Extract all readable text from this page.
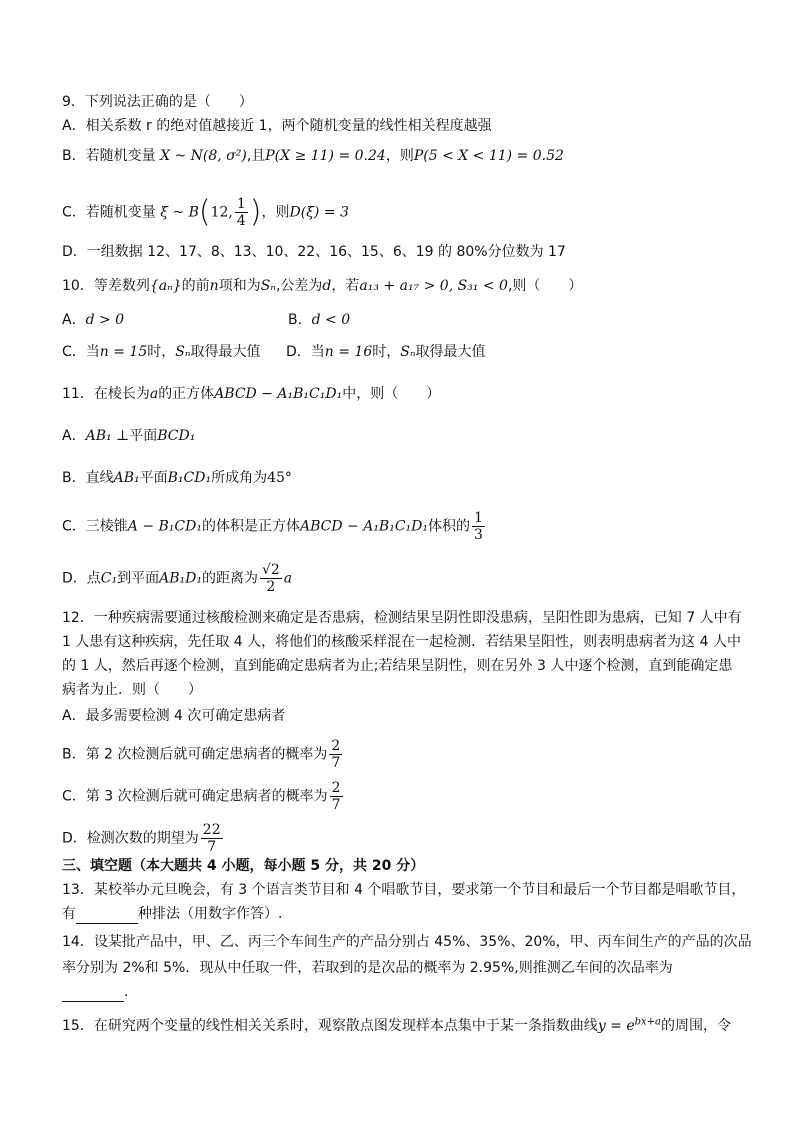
9．下列说法正确的是（　　）
A．相关系数 r 的绝对值越接近 1，两个随机变量的线性相关程度越强
B．若随机变量 X ~ N(8, σ²),且P(X ≥ 11) = 0.24，则P(5 < X < 11) = 0.52
C．若随机变量 ξ ~ B(12, $\frac{1}{4}$ )，则D(ξ) = 3
D．一组数据 12、17、8、13、10、22、16、15、6、19 的 80%分位数为 17
10．等差数列{aₙ}的前n项和为Sₙ,公差为d，若a₁₃ + a₁₇ > 0, S₃₁ < 0,则（　　）
A．d > 0	B．d < 0
C．当n = 15时，Sₙ取得最大值 D．当n = 16时，Sₙ取得最大值
11．在棱长为a的正方体ABCD − A₁B₁C₁D₁中，则（　　）
A．AB₁ ⊥平面BCD₁
B．直线AB₁平面B₁CD₁所成角为45°
C．三棱锥A − B₁CD₁的体积是正方体ABCD − A₁B₁C₁D₁体积的 $\frac{1}{3}$
D．点C₁到平面AB₁D₁的距离为 $\frac{√2}{2}$ a
12．一种疾病需要通过核酸检测来确定是否患病，检测结果呈阴性即没患病，呈阳性即为患病，已知 7 人中有
1 人患有这种疾病，先任取 4 人，将他们的核酸采样混在一起检测．若结果呈阳性，则表明患病者为这 4 人中
的 1 人，然后再逐个检测，直到能确定患病者为止;若结果呈阴性，则在另外 3 人中逐个检测，直到能确定患
病者为止．则（　　）
A．最多需要检测 4 次可确定患病者
B．第 2 次检测后就可确定患病者的概率为 $\frac{2}{7}$
C．第 3 次检测后就可确定患病者的概率为 $\frac{2}{7}$
D．检测次数的期望为 $\frac{22}{7}$
三、填空题（本大题共 4 小题，每小题 5 分，共 20 分）
13．某校举办元旦晚会，有 3 个语言类节目和 4 个唱歌节目，要求第一个节目和最后一个节目都是唱歌节目，
有	种排法（用数字作答）.
14．设某批产品中，甲、乙、丙三个车间生产的产品分别占 45%、35%、20%，甲、丙车间生产的产品的次品
率分别为 2%和 5%．现从中任取一件，若取到的是次品的概率为 2.95%,则推测乙车间的次品率为
.
15．在研究两个变量的线性相关关系时，观察散点图发现样本点集中于某一条指数曲线$y = e^{bx+a}$的周围，令
